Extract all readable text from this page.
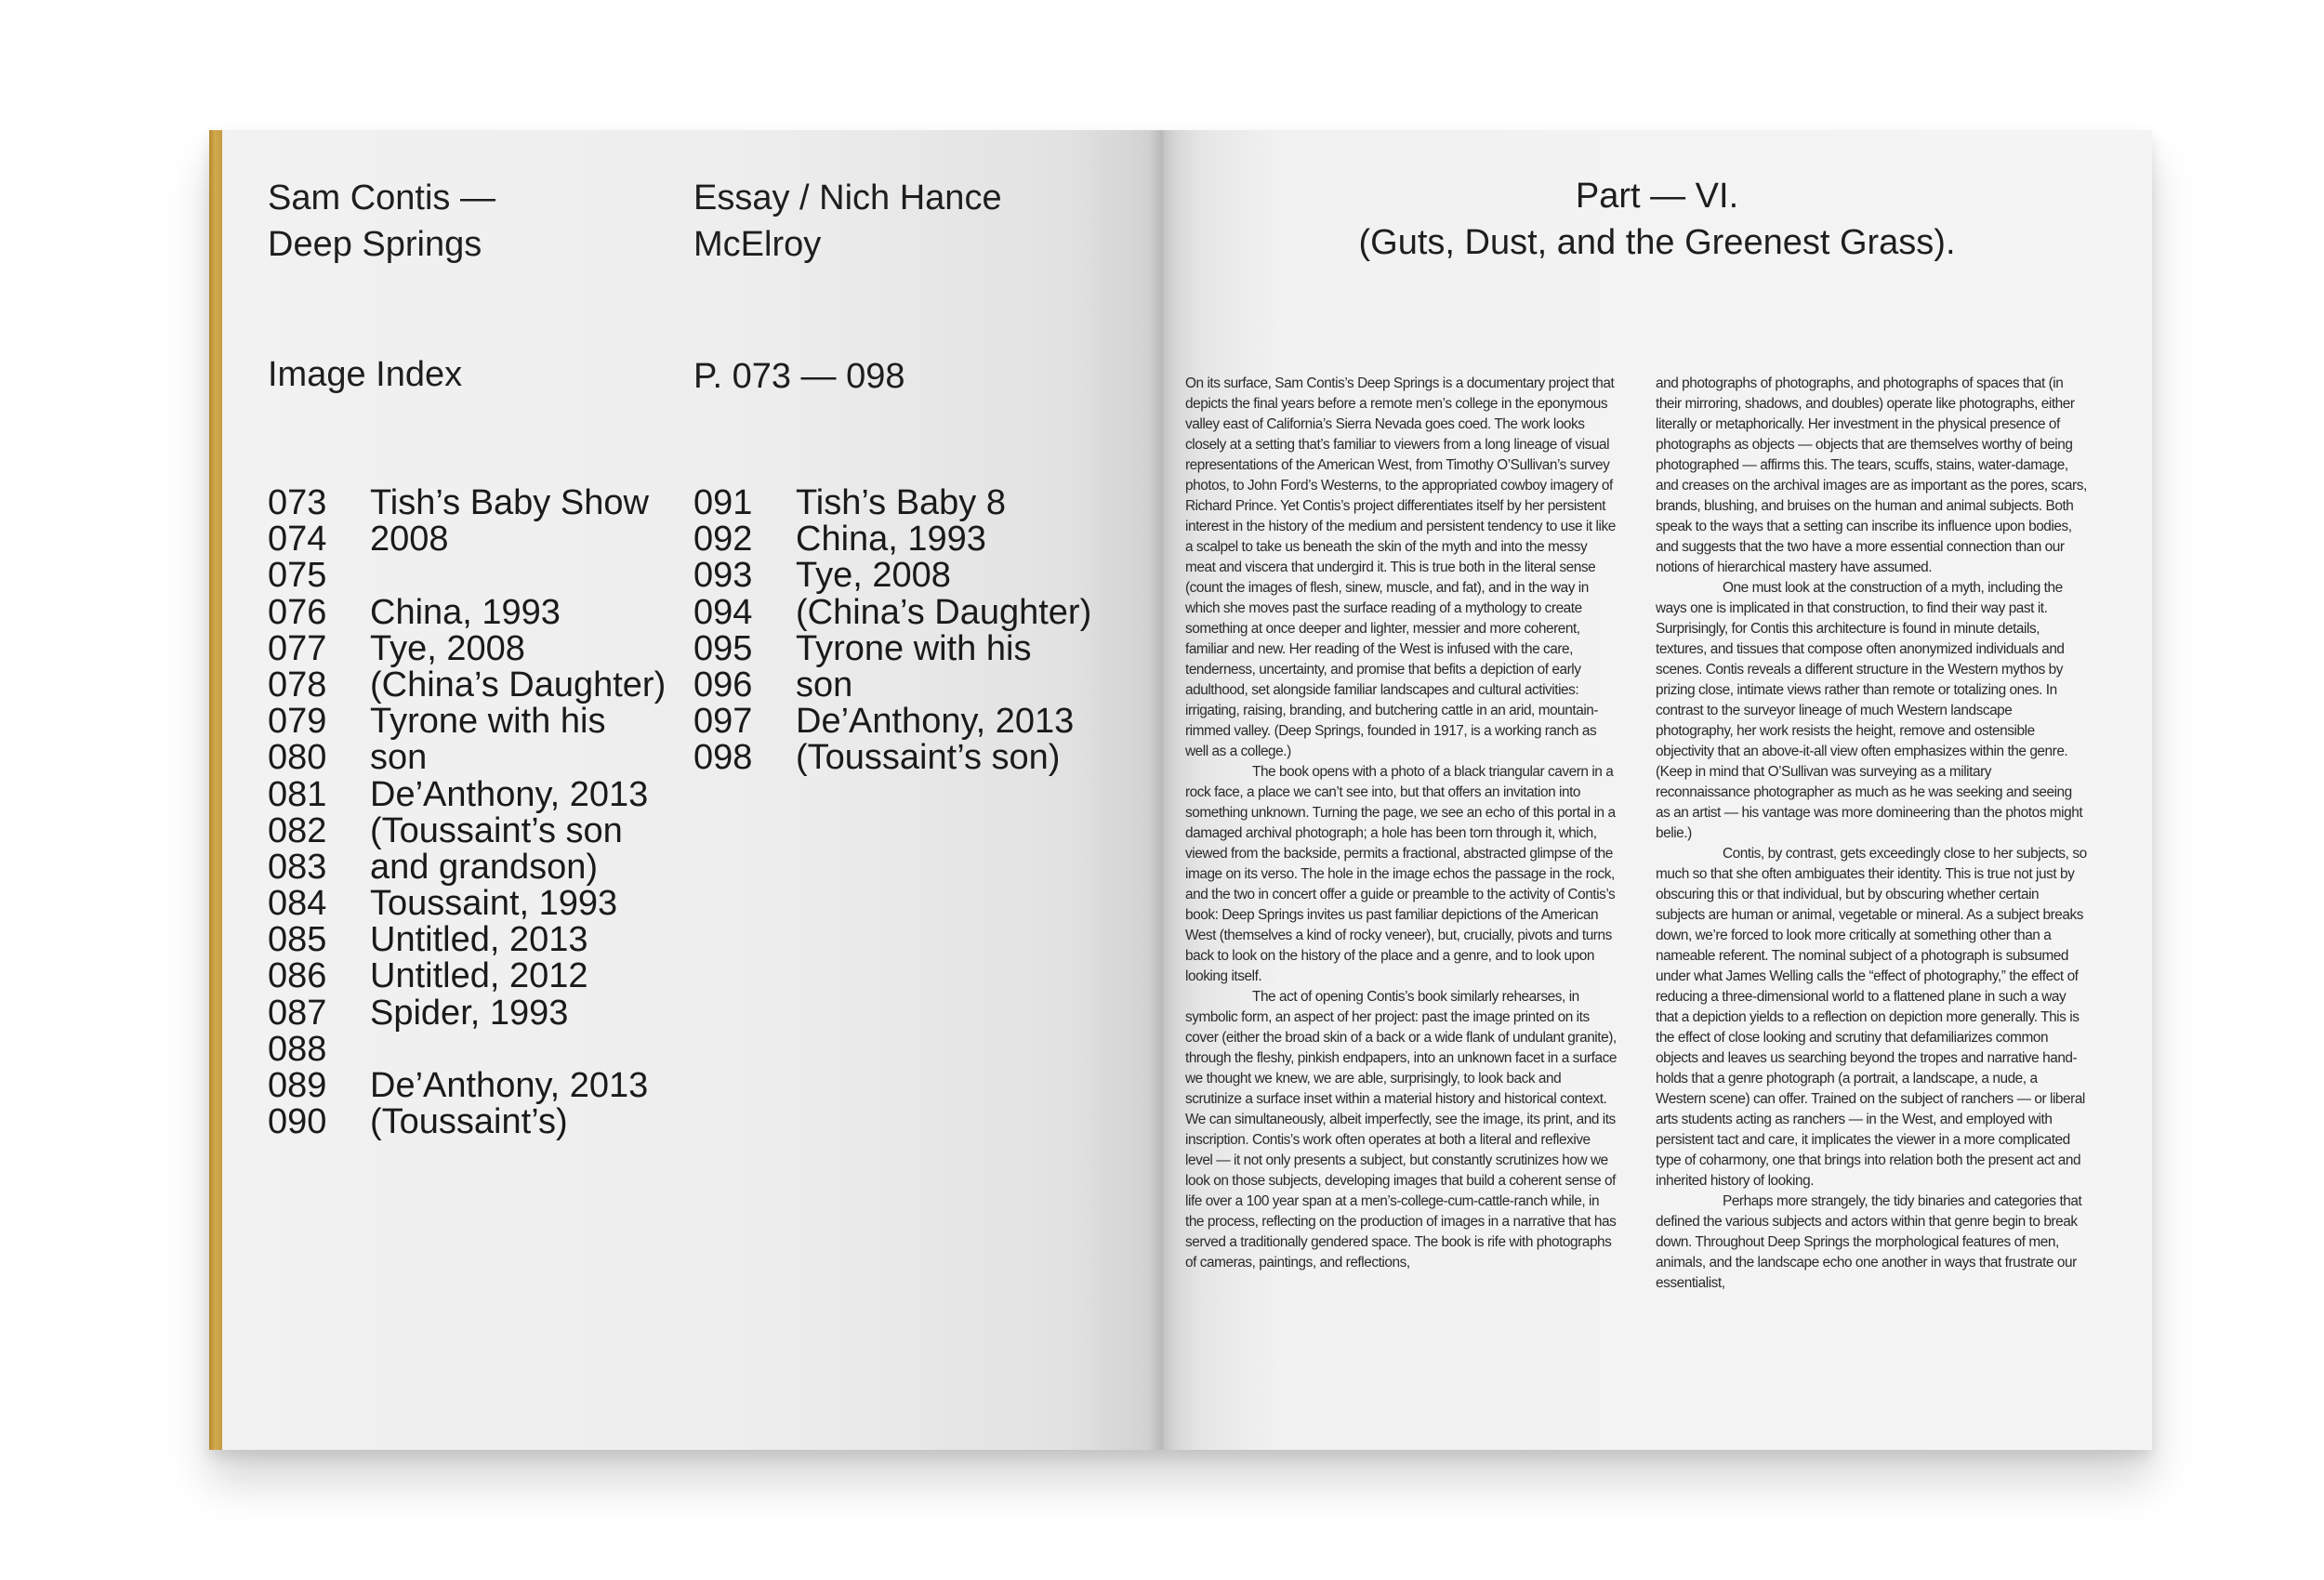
Sam Contis —
Deep Springs
Essay / Nich Hance
McElroy
Image Index	P. 073 — 098
073	Tish’s Baby Show
074	2008
075
076	China, 1993
077	Tye, 2008
078	(China’s Daughter)
079	Tyrone with his
080	son
081	De’Anthony, 2013
082	(Toussaint’s son
083	and grandson)
084	Toussaint, 1993
085	Untitled, 2013
086	Untitled, 2012
087	Spider, 1993
088
089	De’Anthony, 2013
090	(Toussaint’s)
091	Tish’s Baby 8
092	China, 1993
093	Tye, 2008
094	(China’s Daughter)
095	Tyrone with his
096	son
097	De’Anthony, 2013
098	(Toussaint’s son)
Part — VI.
(Guts, Dust, and the Greenest Grass).

On its surface, Sam Contis’s Deep Springs is a documentary project that depicts the final years before a remote men’s college in the eponymous valley east of California’s Sierra Nevada goes coed. The work looks closely at a setting that’s familiar to viewers from a long lineage of visual representations of the American West, from Timothy O’Sullivan’s survey photos, to John Ford’s Westerns, to the appropriated cowboy imagery of Richard Prince. Yet Contis’s project differentiates itself by her persistent interest in the history of the medium and persistent tendency to use it like a scalpel to take us beneath the skin of the myth and into the messy meat and viscera that undergird it. This is true both in the literal sense (count the images of flesh, sinew, muscle, and fat), and in the way in which she moves past the surface reading of a mythology to create something at once deeper and lighter, messier and more coherent, familiar and new. Her reading of the West is infused with the care, tenderness, uncertainty, and promise that befits a depiction of early adulthood, set alongside familiar landscapes and cultural activities: irrigating, raising, branding, and butchering cattle in an arid, mountain-rimmed valley. (Deep Springs, founded in 1917, is a working ranch as well as a college.)

The book opens with a photo of a black triangular cavern in a rock face, a place we can’t see into, but that offers an invitation into something unknown. Turning the page, we see an echo of this portal in a damaged archival photograph; a hole has been torn through it, which, viewed from the backside, permits a fractional, abstracted glimpse of the image on its verso. The hole in the image echos the passage in the rock, and the two in concert offer a guide or preamble to the activity of Contis’s book: Deep Springs invites us past familiar depictions of the American West (themselves a kind of rocky veneer), but, crucially, pivots and turns back to look on the history of the place and a genre, and to look upon looking itself.

The act of opening Contis’s book similarly rehearses, in symbolic form, an aspect of her project: past the image printed on its cover (either the broad skin of a back or a wide flank of undulant granite), through the fleshy, pinkish endpapers, into an unknown facet in a surface we thought we knew, we are able, surprisingly, to look back and scrutinize a surface inset within a material history and historical context. We can simultaneously, albeit imperfectly, see the image, its print, and its inscription. Contis’s work often operates at both a literal and reflexive level — it not only presents a subject, but constantly scrutinizes how we look on those subjects, developing images that build a coherent sense of life over a 100 year span at a men’s-college-cum-cattle-ranch while, in the process, reflecting on the production of images in a narrative that has served a traditionally gendered space. The book is rife with photographs of cameras, paintings, and reflections,

and photographs of photographs, and photographs of spaces that (in their mirroring, shadows, and doubles) operate like photographs, either literally or metaphorically. Her investment in the physical presence of photographs as objects — objects that are themselves worthy of being photographed — affirms this. The tears, scuffs, stains, water-damage, and creases on the archival images are as important as the pores, scars, brands, blushing, and bruises on the human and animal subjects. Both speak to the ways that a setting can inscribe its influence upon bodies, and suggests that the two have a more essential connection than our notions of hierarchical mastery have assumed.

One must look at the construction of a myth, including the ways one is implicated in that construction, to find their way past it. Surprisingly, for Contis this architecture is found in minute details, textures, and tissues that compose often anonymized individuals and scenes. Contis reveals a different structure in the Western mythos by prizing close, intimate views rather than remote or totalizing ones. In contrast to the surveyor lineage of much Western landscape photography, her work resists the height, remove and ostensible objectivity that an above-it-all view often emphasizes within the genre. (Keep in mind that O’Sullivan was surveying as a military reconnaissance photographer as much as he was seeking and seeing as an artist — his vantage was more domineering than the photos might belie.)

Contis, by contrast, gets exceedingly close to her subjects, so much so that she often ambiguates their identity. This is true not just by obscuring this or that individual, but by obscuring whether certain subjects are human or animal, vegetable or mineral. As a subject breaks down, we’re forced to look more critically at something other than a nameable referent. The nominal subject of a photograph is subsumed under what James Welling calls the “effect of photography,” the effect of reducing a three-dimensional world to a flattened plane in such a way that a depiction yields to a reflection on depiction more generally. This is the effect of close looking and scrutiny that defamiliarizes common objects and leaves us searching beyond the tropes and narrative hand-holds that a genre photograph (a portrait, a landscape, a nude, a Western scene) can offer. Trained on the subject of ranchers — or liberal arts students acting as ranchers — in the West, and employed with persistent tact and care, it implicates the viewer in a more complicated type of coharmony, one that brings into relation both the present act and inherited history of looking.

Perhaps more strangely, the tidy binaries and categories that defined the various subjects and actors within that genre begin to break down. Throughout Deep Springs the morphological features of men, animals, and the landscape echo one another in ways that frustrate our essentialist,
